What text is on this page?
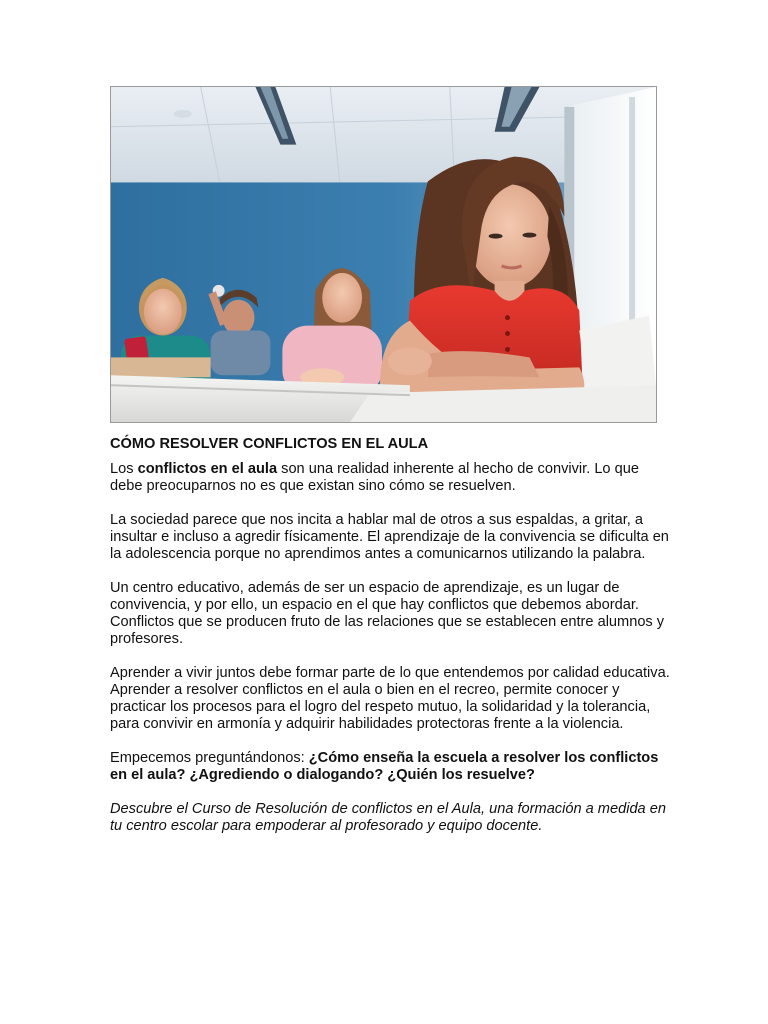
CÓMO RESOLVER CONFLICTOS EN EL AULA

Los conflictos en el aula son una realidad inherente al hecho de convivir. Lo que debe preocuparnos no es que existan sino cómo se resuelven.

La sociedad parece que nos incita a hablar mal de otros a sus espaldas, a gritar, a insultar e incluso a agredir físicamente. El aprendizaje de la convivencia se dificulta en la adolescencia porque no aprendimos antes a comunicarnos utilizando la palabra.

Un centro educativo, además de ser un espacio de aprendizaje, es un lugar de convivencia, y por ello, un espacio en el que hay conflictos que debemos abordar. Conflictos que se producen fruto de las relaciones que se establecen entre alumnos y profesores.

Aprender a vivir juntos debe formar parte de lo que entendemos por calidad educativa. Aprender a resolver conflictos en el aula o bien en el recreo, permite conocer y practicar los procesos para el logro del respeto mutuo, la solidaridad y la tolerancia, para convivir en armonía y adquirir habilidades protectoras frente a la violencia.

Empecemos preguntándonos: ¿Cómo enseña la escuela a resolver los conflictos en el aula? ¿Agrediendo o dialogando? ¿Quién los resuelve?

Descubre el Curso de Resolución de conflictos en el Aula, una formación a medida en tu centro escolar para empoderar al profesorado y equipo docente.
